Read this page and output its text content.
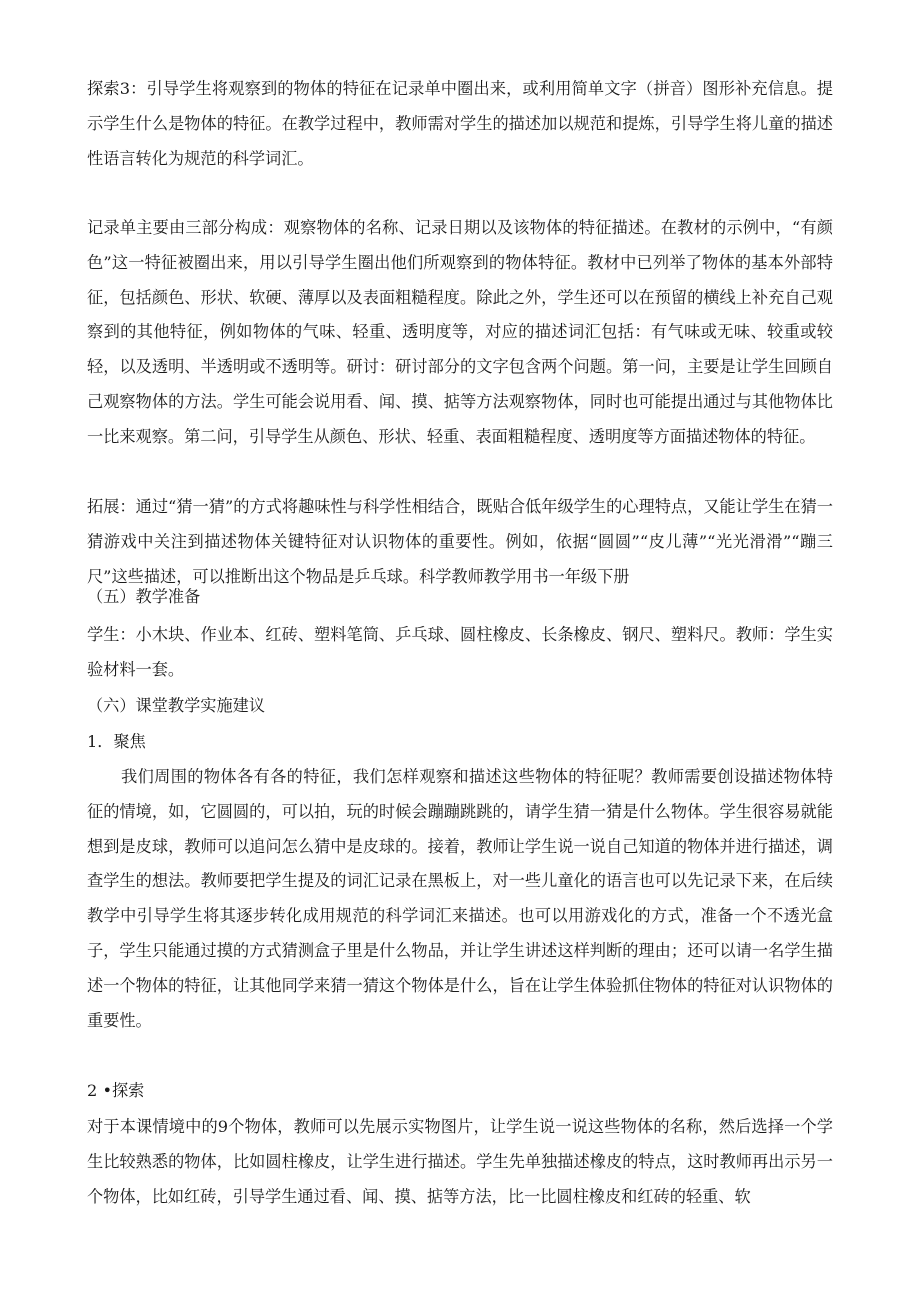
探索3：引导学生将观察到的物体的特征在记录单中圈出来，或利用简单文字（拼音）图形补充信息。提示学生什么是物体的特征。在教学过程中，教师需对学生的描述加以规范和提炼，引导学生将儿童的描述性语言转化为规范的科学词汇。

记录单主要由三部分构成：观察物体的名称、记录日期以及该物体的特征描述。在教材的示例中，“有颜色”这一特征被圈出来，用以引导学生圈出他们所观察到的物体特征。教材中已列举了物体的基本外部特征，包括颜色、形状、软硬、薄厚以及表面粗糙程度。除此之外，学生还可以在预留的横线上补充自己观察到的其他特征，例如物体的气味、轻重、透明度等，对应的描述词汇包括：有气味或无味、较重或较轻，以及透明、半透明或不透明等。研讨：研讨部分的文字包含两个问题。第一问，主要是让学生回顾自己观察物体的方法。学生可能会说用看、闻、摸、掂等方法观察物体，同时也可能提出通过与其他物体比一比来观察。第二问，引导学生从颜色、形状、轻重、表面粗糙程度、透明度等方面描述物体的特征。

拓展：通过“猜一猜”的方式将趣味性与科学性相结合，既贴合低年级学生的心理特点，又能让学生在猜一猜游戏中关注到描述物体关键特征对认识物体的重要性。例如，依据“圆圆”“皮儿薄”“光光滑滑”“蹦三尺”这些描述，可以推断出这个物品是乒乓球。科学教师教学用书一年级下册

（五）教学准备

学生：小木块、作业本、红砖、塑料笔筒、乒乓球、圆柱橡皮、长条橡皮、钢尺、塑料尺。教师：学生实验材料一套。

（六）课堂教学实施建议

1．聚焦

我们周围的物体各有各的特征，我们怎样观察和描述这些物体的特征呢？教师需要创设描述物体特征的情境，如，它圆圆的，可以拍，玩的时候会蹦蹦跳跳的，请学生猜一猜是什么物体。学生很容易就能想到是皮球，教师可以追问怎么猜中是皮球的。接着，教师让学生说一说自己知道的物体并进行描述，调查学生的想法。教师要把学生提及的词汇记录在黑板上，对一些儿童化的语言也可以先记录下来，在后续教学中引导学生将其逐步转化成用规范的科学词汇来描述。也可以用游戏化的方式，准备一个不透光盒子，学生只能通过摸的方式猜测盒子里是什么物品，并让学生讲述这样判断的理由；还可以请一名学生描述一个物体的特征，让其他同学来猜一猜这个物体是什么，旨在让学生体验抓住物体的特征对认识物体的重要性。

2 •探索

对于本课情境中的9个物体，教师可以先展示实物图片，让学生说一说这些物体的名称，然后选择一个学生比较熟悉的物体，比如圆柱橡皮，让学生进行描述。学生先单独描述橡皮的特点，这时教师再出示另一个物体，比如红砖，引导学生通过看、闻、摸、掂等方法，比一比圆柱橡皮和红砖的轻重、软
